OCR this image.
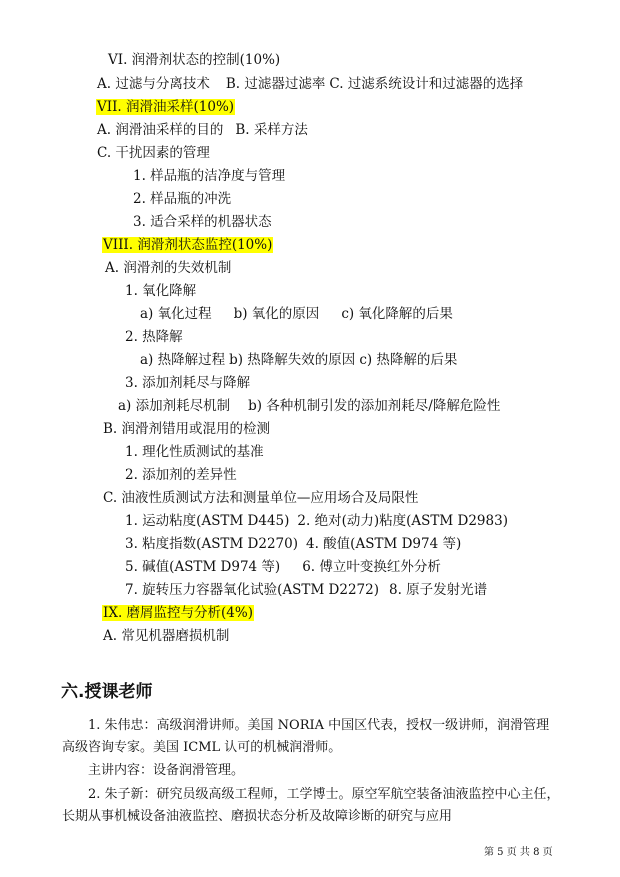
VI. 润滑剂状态的控制(10%)
A. 过滤与分离技术 B. 过滤器过滤率 C. 过滤系统设计和过滤器的选择
VII. 润滑油采样(10%)
A. 润滑油采样的目的 B. 采样方法
C. 干扰因素的管理
1. 样品瓶的洁净度与管理
2. 样品瓶的冲洗
3. 适合采样的机器状态
VIII. 润滑剂状态监控(10%)
A. 润滑剂的失效机制
1. 氧化降解
a) 氧化过程 b) 氧化的原因 c) 氧化降解的后果
2. 热降解
a) 热降解过程 b) 热降解失效的原因 c) 热降解的后果
3. 添加剂耗尽与降解
a) 添加剂耗尽机制 b) 各种机制引发的添加剂耗尽/降解危险性
B. 润滑剂错用或混用的检测
1. 理化性质测试的基准
2. 添加剂的差异性
C. 油液性质测试方法和测量单位—应用场合及局限性
1. 运动粘度(ASTM D445) 2. 绝对(动力)粘度(ASTM D2983)
3. 粘度指数(ASTM D2270) 4. 酸值(ASTM D974 等)
5. 碱值(ASTM D974 等) 6. 傅立叶变换红外分析
7. 旋转压力容器氧化试验(ASTM D2272) 8. 原子发射光谱
IX. 磨屑监控与分析(4%)
A. 常见机器磨损机制
六.授课老师
1. 朱伟忠：高级润滑讲师。美国 NORIA 中国区代表，授权一级讲师，润滑管理高级咨询专家。美国 ICML 认可的机械润滑师。
主讲内容：设备润滑管理。
2. 朱子新：研究员级高级工程师，工学博士。原空军航空装备油液监控中心主任，长期从事机械设备油液监控、磨损状态分析及故障诊断的研究与应用
第 5 页 共 8 页
